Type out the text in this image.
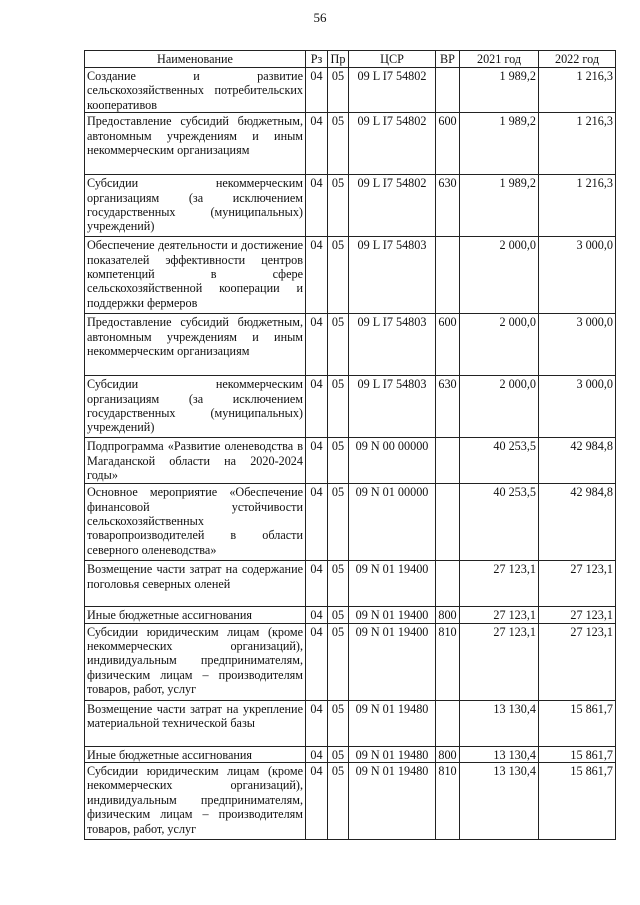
56
Наименование	Рз	Пр	ЦСР	ВР	2021 год	2022 год
Создание и развитие сельскохозяйственных потребительских кооперативов	04	05	09 L I7 54802		1 989,2	1 216,3
Предоставление субсидий бюджетным, автономным учреждениям и иным некоммерческим организациям	04	05	09 L I7 54802	600	1 989,2	1 216,3
Субсидии некоммерческим организациям (за исключением государственных (муниципальных) учреждений)	04	05	09 L I7 54802	630	1 989,2	1 216,3
Обеспечение деятельности и достижение показателей эффективности центров компетенций в сфере сельскохозяйственной кооперации и поддержки фермеров	04	05	09 L I7 54803		2 000,0	3 000,0
Предоставление субсидий бюджетным, автономным учреждениям и иным некоммерческим организациям	04	05	09 L I7 54803	600	2 000,0	3 000,0
Субсидии некоммерческим организациям (за исключением государственных (муниципальных) учреждений)	04	05	09 L I7 54803	630	2 000,0	3 000,0
Подпрограмма «Развитие оленеводства в Магаданской области на 2020-2024 годы»	04	05	09 N 00 00000		40 253,5	42 984,8
Основное мероприятие «Обеспечение финансовой устойчивости сельскохозяйственных товаропроизводителей в области северного оленеводства»	04	05	09 N 01 00000		40 253,5	42 984,8
Возмещение части затрат на содержание поголовья северных оленей	04	05	09 N 01 19400		27 123,1	27 123,1
Иные бюджетные ассигнования	04	05	09 N 01 19400	800	27 123,1	27 123,1
Субсидии юридическим лицам (кроме некоммерческих организаций), индивидуальным предпринимателям, физическим лицам – производителям товаров, работ, услуг	04	05	09 N 01 19400	810	27 123,1	27 123,1
Возмещение части затрат на укрепление материальной технической базы	04	05	09 N 01 19480		13 130,4	15 861,7
Иные бюджетные ассигнования	04	05	09 N 01 19480	800	13 130,4	15 861,7
Субсидии юридическим лицам (кроме некоммерческих организаций), индивидуальным предпринимателям, физическим лицам – производителям товаров, работ, услуг	04	05	09 N 01 19480	810	13 130,4	15 861,7
